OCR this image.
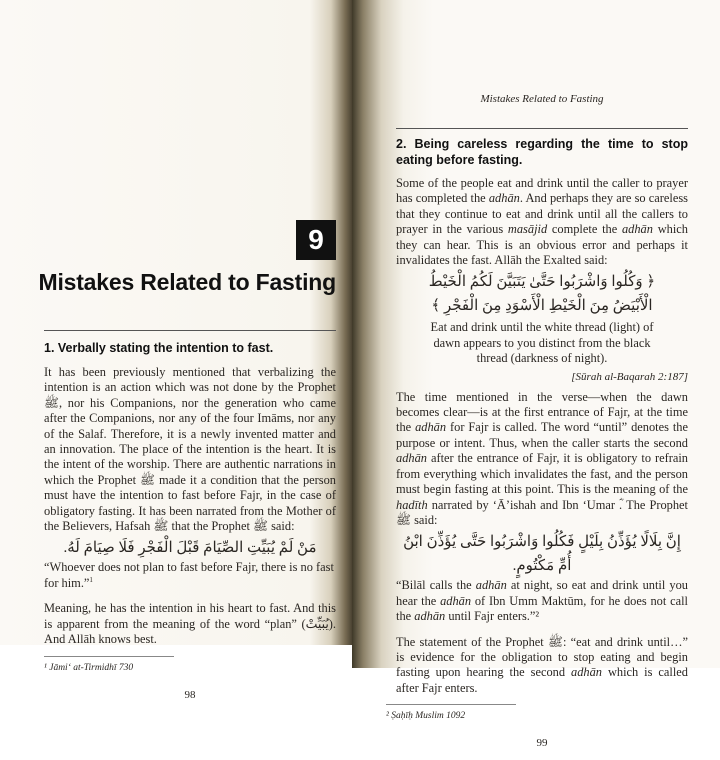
9
Mistakes Related to Fasting
1. Verbally stating the intention to fast.

It has been previously mentioned that verbalizing the intention is an action which was not done by the Prophet ﷺ, nor his Companions, nor the generation who came after the Companions, nor any of the four Imāms, nor any of the Salaf. Therefore, it is a newly invented matter and an innovation. The place of the intention is the heart. It is the intent of the worship. There are authentic narrations in which the Prophet ﷺ made it a condition that the person must have the intention to fast before Fajr, in the case of obligatory fasting. It has been narrated from the Mother of the Believers, Hafsah ﷺ that the Prophet ﷺ said:

مَنْ لَمْ يُبَيِّتِ الصِّيَامَ قَبْلَ الْفَجْرِ فَلَا صِيَامَ لَهُ.

“Whoever does not plan to fast before Fajr, there is no fast for him.”$^1$

Meaning, he has the intention in his heart to fast. And this is apparent from the meaning of the word “plan” (يُبَيِّتْ). And Allāh knows best.

¹ Jāmi‘ at-Tirmidhī 730
98
Mistakes Related to Fasting
2. Being careless regarding the time to stop eating before fasting.

Some of the people eat and drink until the caller to prayer has completed the adhān. And perhaps they are so careless that they continue to eat and drink until all the callers to prayer in the various masājid complete the adhān which they can hear. This is an obvious error and perhaps it invalidates the fast. Allāh the Exalted said:

﴿ وَكُلُوا وَاشْرَبُوا حَتَّىٰ يَتَبَيَّنَ لَكُمُ الْخَيْطُ الْأَبْيَضُ مِنَ الْخَيْطِ الْأَسْوَدِ مِنَ الْفَجْرِ ﴾
Eat and drink until the white thread (light) of dawn appears to you distinct from the black thread (darkness of night).
[Sūrah al-Baqarah 2:187]

The time mentioned in the verse—when the dawn becomes clear—is at the first entrance of Fajr, at the time the adhān for Fajr is called. The word “until” denotes the purpose or intent. Thus, when the caller starts the second adhān after the entrance of Fajr, it is obligatory to refrain from everything which invalidates the fast, and the person must begin fasting at this point. This is the meaning of the hadīth narrated by ‘Ā’ishah and Ibn ‘Umar ؓ. The Prophet ﷺ said:

إِنَّ بِلَالًا يُؤَذِّنُ بِلَيْلٍ فَكُلُوا وَاشْرَبُوا حَتَّى يُؤَذِّنَ ابْنُ أُمِّ مَكْتُومٍ.

“Bilāl calls the adhān at night, so eat and drink until you hear the adhān of Ibn Umm Maktūm, for he does not call the adhān until Fajr enters.”²

The statement of the Prophet ﷺ: “eat and drink until…” is evidence for the obligation to stop eating and begin fasting upon hearing the second adhān which is called after Fajr enters.

² Ṣaḥīḥ Muslim 1092
99
